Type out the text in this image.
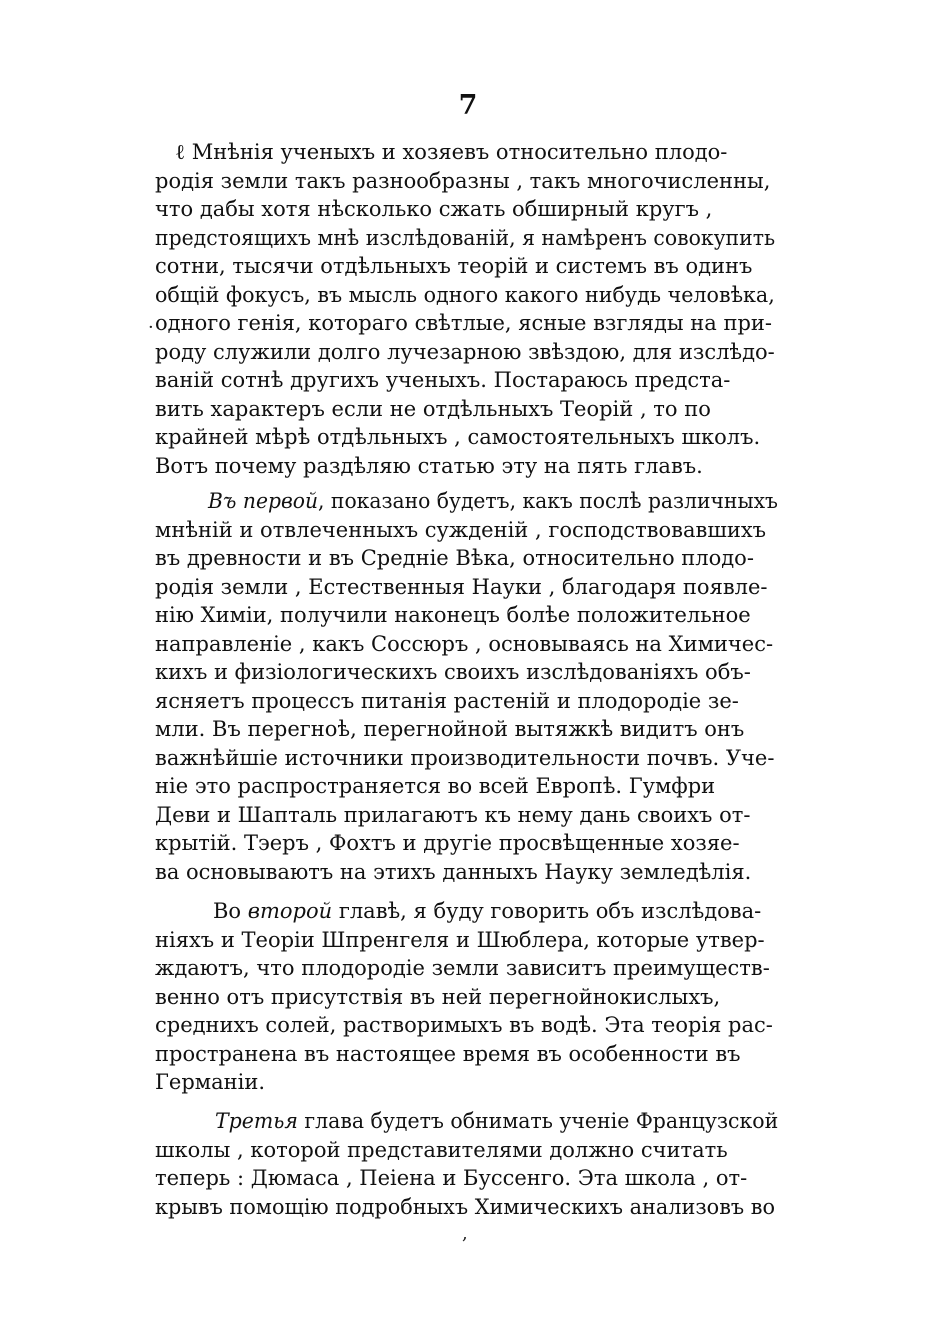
7
ℓ Мнѣнія ученыхъ и хозяевъ относительно плодо-
родія земли такъ разнообразны , такъ многочисленны,
что дабы хотя нѣсколько сжать обширный кругъ ,
предстоящихъ мнѣ изслѣдованій, я намѣренъ совокупить
сотни, тысячи отдѣльныхъ теорій и системъ въ одинъ
общій фокусъ, въ мысль одного какого нибудь человѣка,
одного генія, котораго свѣтлые, ясные взгляды на при-
роду служили долго лучезарною звѣздою, для изслѣдо-
ваній сотнѣ другихъ ученыхъ. Постараюсь предста-
вить характеръ если не отдѣльныхъ Теорій , то по
крайней мѣрѣ отдѣльныхъ , самостоятельныхъ школъ.
Вотъ почему раздѣляю статью эту на пять главъ.
Въ первой, показано будетъ, какъ послѣ различныхъ
мнѣній и отвлеченныхъ сужденій , господствовавшихъ
въ древности и въ Средніе Вѣка, относительно плодо-
родія земли , Естественныя Науки , благодаря появле-
нію Химіи, получили наконецъ болѣе положительное
направленіе , какъ Соссюръ , основываясь на Химичес-
кихъ и физіологическихъ своихъ изслѣдованіяхъ объ-
ясняетъ процессъ питанія растеній и плодородіе зе-
мли. Въ перегноѣ, перегнойной вытяжкѣ видитъ онъ
важнѣйшіе источники производительности почвъ. Уче-
ніе это распространяется во всей Европѣ. Гумфри
Деви и Шапталь прилагаютъ къ нему дань своихъ от-
крытій. Тэеръ , Фохтъ и другіе просвѣщенные хозяе-
ва основываютъ на этихъ данныхъ Науку земледѣлія.
Во второй главѣ, я буду говорить объ изслѣдова-
ніяхъ и Теоріи Шпренгеля и Шюблера, которые утвер-
ждаютъ, что плодородіе земли зависитъ преимуществ-
венно отъ присутствія въ ней перегнойнокислыхъ,
среднихъ солей, растворимыхъ въ водѣ. Эта теорія рас-
пространена въ настоящее время въ особенности въ
Германіи.
Третья глава будетъ обнимать ученіе Французской
школы , которой представителями должно считать
теперь : Дюмаса , Пеіена и Буссенго. Эта школа , от-
крывъ помощію подробныхъ Химическихъ анализовъ во
·
,
